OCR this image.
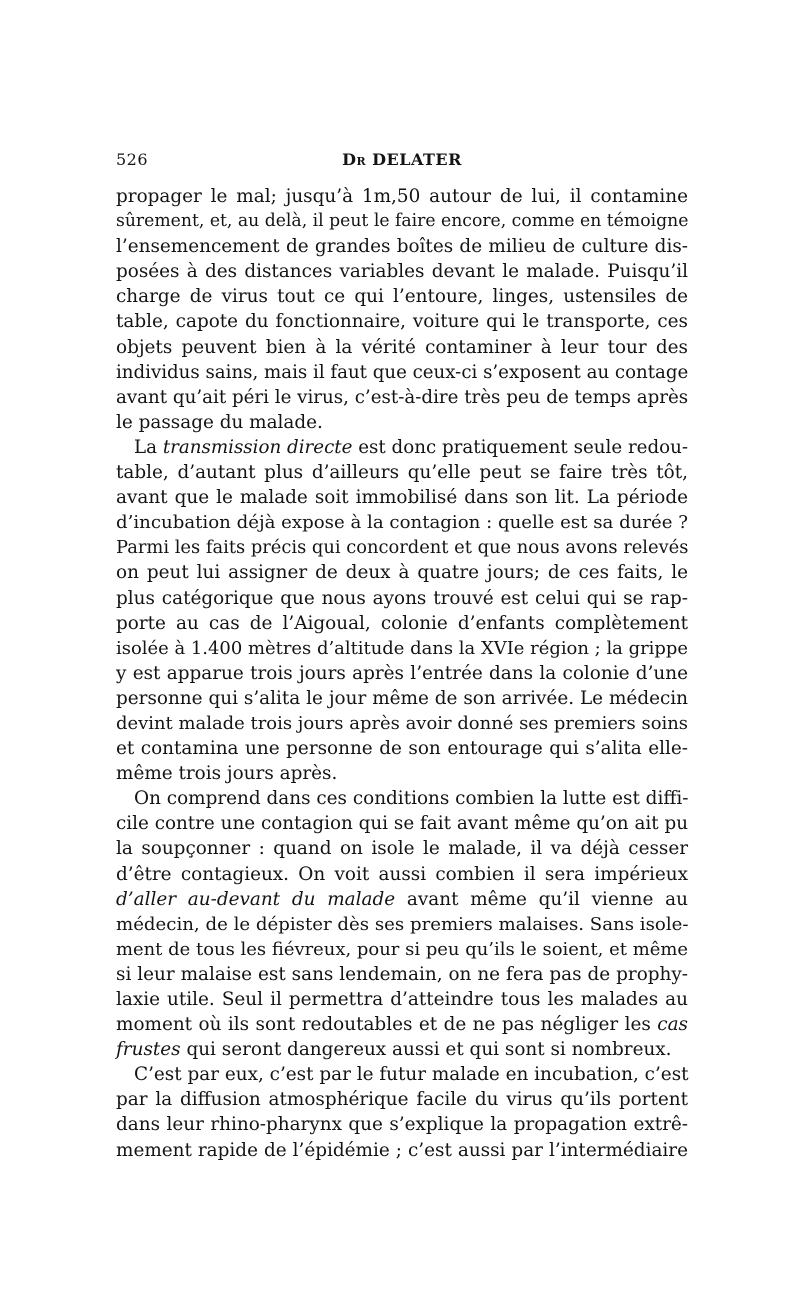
526	Dr DELATER
propager le mal; jusqu’à 1m,50 autour de lui, il contamine
sûrement, et, au delà, il peut le faire encore, comme en témoigne
l’ensemencement de grandes boîtes de milieu de culture dis-
posées à des distances variables devant le malade. Puisqu’il
charge de virus tout ce qui l’entoure, linges, ustensiles de
table, capote du fonctionnaire, voiture qui le transporte, ces
objets peuvent bien à la vérité contaminer à leur tour des
individus sains, mais il faut que ceux-ci s’exposent au contage
avant qu’ait péri le virus, c’est-à-dire très peu de temps après
le passage du malade.
La transmission directe est donc pratiquement seule redou-
table, d’autant plus d’ailleurs qu’elle peut se faire très tôt,
avant que le malade soit immobilisé dans son lit. La période
d’incubation déjà expose à la contagion : quelle est sa durée ?
Parmi les faits précis qui concordent et que nous avons relevés
on peut lui assigner de deux à quatre jours; de ces faits, le
plus catégorique que nous ayons trouvé est celui qui se rap-
porte au cas de l’Aigoual, colonie d’enfants complètement
isolée à 1.400 mètres d’altitude dans la XVIe région ; la grippe
y est apparue trois jours après l’entrée dans la colonie d’une
personne qui s’alita le jour même de son arrivée. Le médecin
devint malade trois jours après avoir donné ses premiers soins
et contamina une personne de son entourage qui s’alita elle-
même trois jours après.
On comprend dans ces conditions combien la lutte est diffi-
cile contre une contagion qui se fait avant même qu’on ait pu
la soupçonner : quand on isole le malade, il va déjà cesser
d’être contagieux. On voit aussi combien il sera impérieux
d’aller au-devant du malade avant même qu’il vienne au
médecin, de le dépister dès ses premiers malaises. Sans isole-
ment de tous les fiévreux, pour si peu qu’ils le soient, et même
si leur malaise est sans lendemain, on ne fera pas de prophy-
laxie utile. Seul il permettra d’atteindre tous les malades au
moment où ils sont redoutables et de ne pas négliger les cas
frustes qui seront dangereux aussi et qui sont si nombreux.
C’est par eux, c’est par le futur malade en incubation, c’est
par la diffusion atmosphérique facile du virus qu’ils portent
dans leur rhino-pharynx que s’explique la propagation extrê-
mement rapide de l’épidémie ; c’est aussi par l’intermédiaire
